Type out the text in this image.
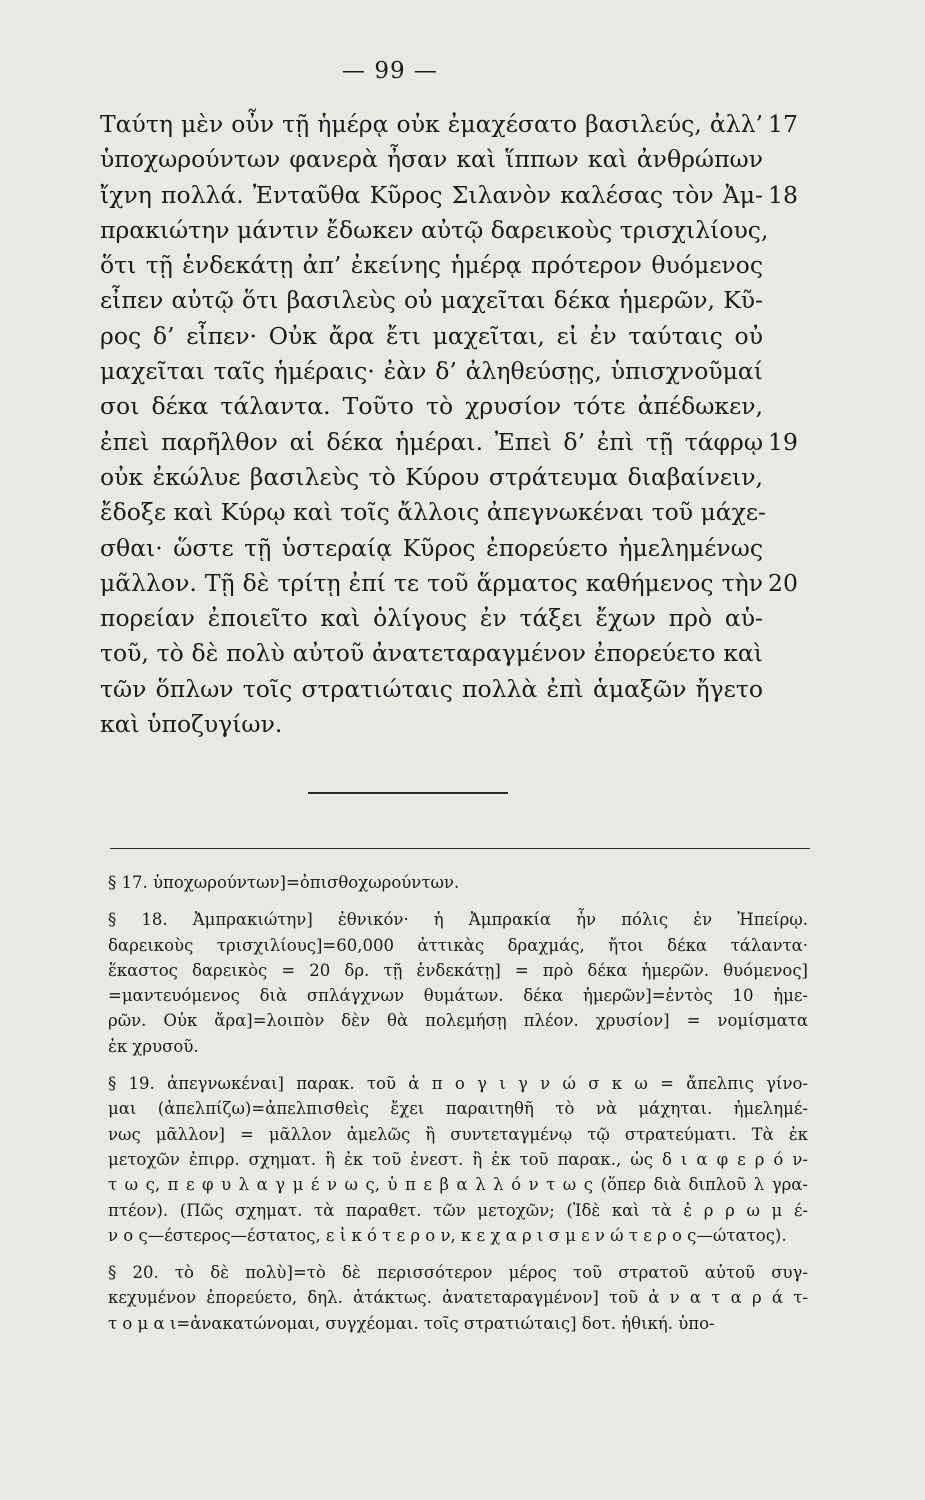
— 99 —
Ταύτη μὲν οὖν τῇ ἡμέρᾳ οὐκ ἐμαχέσατο βασιλεύς, ἀλλ’ 17
ὑποχωρούντων φανερὰ ἦσαν καὶ ἵππων καὶ ἀνθρώπων
ἴχνη πολλά. Ἐνταῦθα Κῦρος Σιλανὸν καλέσας τὸν Ἀμ- 18
πρακιώτην μάντιν ἔδωκεν αὐτῷ δαρεικοὺς τρισχιλίους,
ὅτι τῇ ἑνδεκάτῃ ἀπ’ ἐκείνης ἡμέρᾳ πρότερον θυόμενος
εἶπεν αὐτῷ ὅτι βασιλεὺς οὐ μαχεῖται δέκα ἡμερῶν, Κῦ-
ρος δ’ εἶπεν· Οὐκ ἄρα ἔτι μαχεῖται, εἰ ἐν ταύταις οὐ
μαχεῖται ταῖς ἡμέραις· ἐὰν δ’ ἀληθεύσῃς, ὑπισχνοῦμαί
σοι δέκα τάλαντα. Τοῦτο τὸ χρυσίον τότε ἀπέδωκεν,
ἐπεὶ παρῆλθον αἱ δέκα ἡμέραι. Ἐπεὶ δ’ ἐπὶ τῇ τάφρῳ 19
οὐκ ἐκώλυε βασιλεὺς τὸ Κύρου στράτευμα διαβαίνειν,
ἔδοξε καὶ Κύρῳ καὶ τοῖς ἄλλοις ἀπεγνωκέναι τοῦ μάχε-
σθαι· ὥστε τῇ ὑστεραίᾳ Κῦρος ἐπορεύετο ἠμελημένως
μᾶλλον. Τῇ δὲ τρίτῃ ἐπί τε τοῦ ἅρματος καθήμενος τὴν 20
πορείαν ἐποιεῖτο καὶ ὀλίγους ἐν τάξει ἔχων πρὸ αὑ-
τοῦ, τὸ δὲ πολὺ αὐτοῦ ἀνατεταραγμένον ἐπορεύετο καὶ
τῶν ὅπλων τοῖς στρατιώταις πολλὰ ἐπὶ ἁμαξῶν ἤγετο
καὶ ὑποζυγίων.
§ 17. ὑποχωρούντων]=ὀπισθοχωρούντων.
§ 18. Ἀμπρακιώτην] ἐθνικόν· ἡ Ἀμπρακία ἦν πόλις ἐν Ἠπείρῳ.
δαρεικοὺς τρισχιλίους]=60,000 ἀττικὰς δραχμάς, ἤτοι δέκα τάλαντα·
ἕκαστος δαρεικὸς = 20 δρ. τῇ ἑνδεκάτῃ] = πρὸ δέκα ἡμερῶν. θυόμενος]
=μαντευόμενος διὰ σπλάγχνων θυμάτων. δέκα ἡμερῶν]=ἐντὸς 10 ἡμε-
ρῶν. Οὐκ ἄρα]=λοιπὸν δὲν θὰ πολεμήσῃ πλέον. χρυσίον] = νομίσματα
ἐκ χρυσοῦ.
§ 19. ἀπεγνωκέναι] παρακ. τοῦ ἀ π ο γ ι γ ν ώ σ κ ω = ἄπελπις γίνο-
μαι (ἀπελπίζω)=ἀπελπισθεὶς ἔχει παραιτηθῆ τὸ νὰ μάχηται. ἠμελημέ-
νως μᾶλλον] = μᾶλλον ἀμελῶς ἢ συντεταγμένῳ τῷ στρατεύματι. Τὰ ἐκ
μετοχῶν ἐπιρρ. σχηματ. ἢ ἐκ τοῦ ἐνεστ. ἢ ἐκ τοῦ παρακ., ὡς δ ι α φ ε ρ ό ν-
τ ω ς, π ε φ υ λ α γ μ έ ν ω ς, ὑ π ε β α λ λ ό ν τ ω ς (ὅπερ διὰ διπλοῦ λ γρα-
πτέον). (Πῶς σχηματ. τὰ παραθετ. τῶν μετοχῶν; (Ἰδὲ καὶ τὰ ἐ ρ ρ ω μ έ-
ν ο ς—έστερος—έστατος, ε ἰ κ ό τ ε ρ ο ν, κ ε χ α ρ ι σ μ ε ν ώ τ ε ρ ο ς—ώτατος).
§ 20. τὸ δὲ πολὺ]=τὸ δὲ περισσότερον μέρος τοῦ στρατοῦ αὐτοῦ συγ-
κεχυμένον ἐπορεύετο, δηλ. ἀτάκτως. ἀνατεταραγμένον] τοῦ ἀ ν α τ α ρ ά τ-
τ ο μ α ι=ἀνακατώνομαι, συγχέομαι. τοῖς στρατιώταις] δοτ. ἠθική. ὑπο-
